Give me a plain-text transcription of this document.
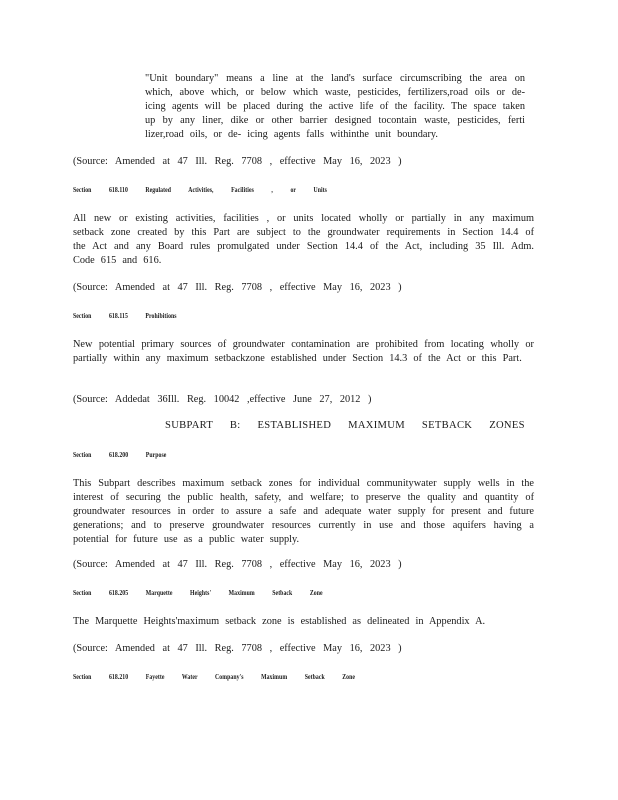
"Unit boundary" means a line at the land's surface circumscribing the area on which, above which, or below which waste, pesticides, fertilizers,road oils or de-icing agents will be placed during the active life of the facility. The space taken up by any liner, dike or other barrier designed tocontain waste, pesticides, ferti lizer,road oils, or de- icing agents falls withinthe unit boundary.

(Source: Amended at 47 Ill. Reg. 7708 , effective May 16, 2023 )

Section 618.110 Regulated Activities, Facilities , or Units

All new or existing activities, facilities , or units located wholly or partially in any maximum setback zone created by this Part are subject to the groundwater requirements in Section 14.4 of the Act and any Board rules promulgated under Section 14.4 of the Act, including 35 Ill. Adm. Code 615 and 616.

(Source: Amended at 47 Ill. Reg. 7708 , effective May 16, 2023 )

Section 618.115 Prohibitions

New potential primary sources of groundwater contamination are prohibited from locating wholly or partially within any maximum setbackzone established under Section 14.3 of the Act or this Part.

(Source: Addedat 36Ill. Reg. 10042 ,effective June 27, 2012 )

SUBPART B: ESTABLISHED MAXIMUM SETBACK ZONES

Section 618.200 Purpose

This Subpart describes maximum setback zones for individual communitywater supply wells in the interest of securing the public health, safety, and welfare; to preserve the quality and quantity of groundwater resources in order to assure a safe and adequate water supply for present and future generations; and to preserve groundwater resources currently in use and those aquifers having a potential for future use as a public water supply.

(Source: Amended at 47 Ill. Reg. 7708 , effective May 16, 2023 )

Section 618.205 Marquette Heights' Maximum Setback Zone

The Marquette Heights'maximum setback zone is established as delineated in Appendix A.

(Source: Amended at 47 Ill. Reg. 7708 , effective May 16, 2023 )

Section 618.210 Fayette Water Company's Maximum Setback Zone
